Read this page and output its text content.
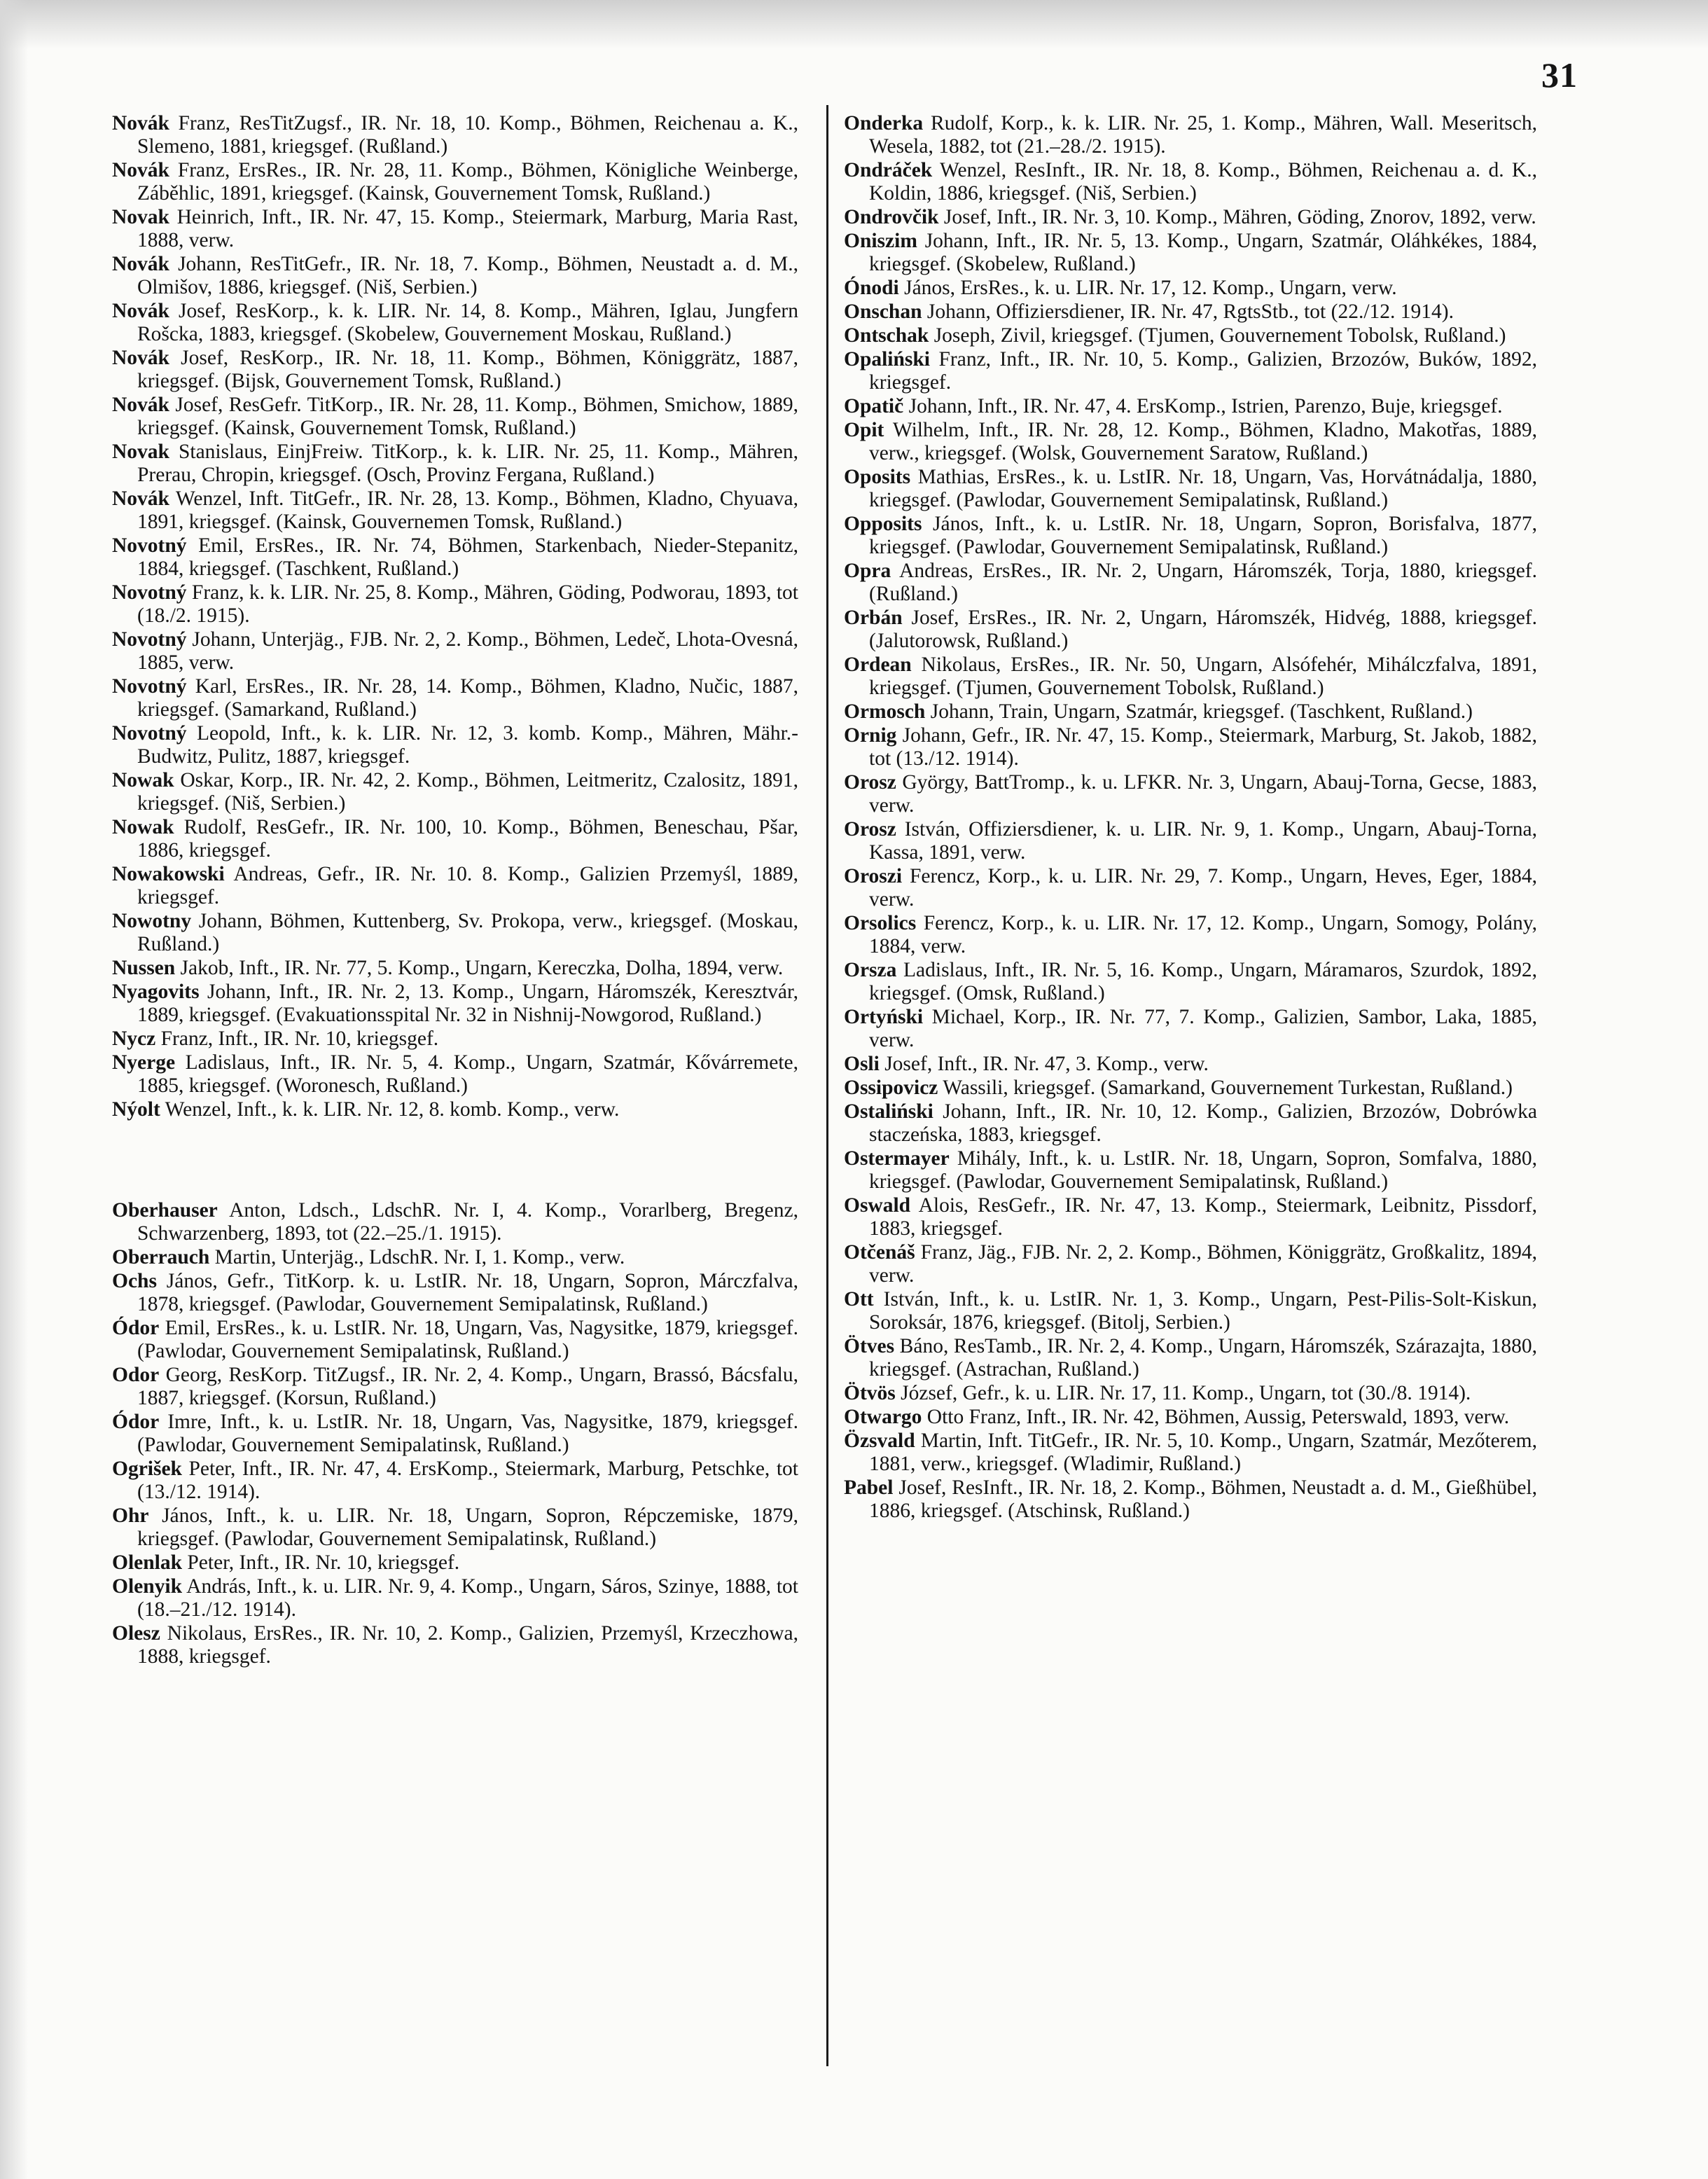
31

Novák Franz, ResTitZugsf., IR. Nr. 18, 10. Komp., Böhmen, Reichenau a. K., Slemeno, 1881, kriegsgef. (Rußland.)

Novák Franz, ErsRes., IR. Nr. 28, 11. Komp., Böhmen, Königliche Weinberge, Záběhlic, 1891, kriegsgef. (Kainsk, Gouvernement Tomsk, Rußland.)

Novak Heinrich, Inft., IR. Nr. 47, 15. Komp., Steiermark, Marburg, Maria Rast, 1888, verw.

Novák Johann, ResTitGefr., IR. Nr. 18, 7. Komp., Böhmen, Neustadt a. d. M., Olmišov, 1886, kriegsgef. (Niš, Serbien.)

Novák Josef, ResKorp., k. k. LIR. Nr. 14, 8. Komp., Mähren, Iglau, Jungfern Rošcka, 1883, kriegsgef. (Skobelew, Gouvernement Moskau, Rußland.)

Novák Josef, ResKorp., IR. Nr. 18, 11. Komp., Böhmen, Königgrätz, 1887, kriegsgef. (Bijsk, Gouvernement Tomsk, Rußland.)

Novák Josef, ResGefr. TitKorp., IR. Nr. 28, 11. Komp., Böhmen, Smichow, 1889, kriegsgef. (Kainsk, Gouvernement Tomsk, Rußland.)

Novak Stanislaus, EinjFreiw. TitKorp., k. k. LIR. Nr. 25, 11. Komp., Mähren, Prerau, Chropin, kriegsgef. (Osch, Provinz Fergana, Rußland.)

Novák Wenzel, Inft. TitGefr., IR. Nr. 28, 13. Komp., Böhmen, Kladno, Chyuava, 1891, kriegsgef. (Kainsk, Gouvernemen Tomsk, Rußland.)

Novotný Emil, ErsRes., IR. Nr. 74, Böhmen, Starkenbach, Nieder-Stepanitz, 1884, kriegsgef. (Taschkent, Rußland.)

Novotný Franz, k. k. LIR. Nr. 25, 8. Komp., Mähren, Göding, Podworau, 1893, tot (18./2. 1915).

Novotný Johann, Unterjäg., FJB. Nr. 2, 2. Komp., Böhmen, Ledeč, Lhota-Ovesná, 1885, verw.

Novotný Karl, ErsRes., IR. Nr. 28, 14. Komp., Böhmen, Kladno, Nučic, 1887, kriegsgef. (Samarkand, Rußland.)

Novotný Leopold, Inft., k. k. LIR. Nr. 12, 3. komb. Komp., Mähren, Mähr.- Budwitz, Pulitz, 1887, kriegsgef.

Nowak Oskar, Korp., IR. Nr. 42, 2. Komp., Böhmen, Leitmeritz, Czalositz, 1891, kriegsgef. (Niš, Serbien.)

Nowak Rudolf, ResGefr., IR. Nr. 100, 10. Komp., Böhmen, Beneschau, Pšar, 1886, kriegsgef.

Nowakowski Andreas, Gefr., IR. Nr. 10. 8. Komp., Galizien Przemyśl, 1889, kriegsgef.

Nowotny Johann, Böhmen, Kuttenberg, Sv. Prokopa, verw., kriegsgef. (Moskau, Rußland.)

Nussen Jakob, Inft., IR. Nr. 77, 5. Komp., Ungarn, Kereczka, Dolha, 1894, verw.

Nyagovits Johann, Inft., IR. Nr. 2, 13. Komp., Ungarn, Háromszék, Keresztvár, 1889, kriegsgef. (Evakuationsspital Nr. 32 in Nishnij-Nowgorod, Rußland.)

Nycz Franz, Inft., IR. Nr. 10, kriegsgef.

Nyerge Ladislaus, Inft., IR. Nr. 5, 4. Komp., Ungarn, Szatmár, Kővárremete, 1885, kriegsgef. (Woronesch, Rußland.)

Nýolt Wenzel, Inft., k. k. LIR. Nr. 12, 8. komb. Komp., verw.

Oberhauser Anton, Ldsch., LdschR. Nr. I, 4. Komp., Vorarlberg, Bregenz, Schwarzenberg, 1893, tot (22.–25./1. 1915).

Oberrauch Martin, Unterjäg., LdschR. Nr. I, 1. Komp., verw.

Ochs János, Gefr., TitKorp. k. u. LstIR. Nr. 18, Ungarn, Sopron, Márczfalva, 1878, kriegsgef. (Pawlodar, Gouvernement Semipalatinsk, Rußland.)

Ódor Emil, ErsRes., k. u. LstIR. Nr. 18, Ungarn, Vas, Nagysitke, 1879, kriegsgef. (Pawlodar, Gouvernement Semipalatinsk, Rußland.)

Odor Georg, ResKorp. TitZugsf., IR. Nr. 2, 4. Komp., Ungarn, Brassó, Bácsfalu, 1887, kriegsgef. (Korsun, Rußland.)

Ódor Imre, Inft., k. u. LstIR. Nr. 18, Ungarn, Vas, Nagysitke, 1879, kriegsgef. (Pawlodar, Gouvernement Semipalatinsk, Rußland.)

Ogrišek Peter, Inft., IR. Nr. 47, 4. ErsKomp., Steiermark, Marburg, Petschke, tot (13./12. 1914).

Ohr János, Inft., k. u. LIR. Nr. 18, Ungarn, Sopron, Répczemiske, 1879, kriegsgef. (Pawlodar, Gouvernement Semipalatinsk, Rußland.)

Olenlak Peter, Inft., IR. Nr. 10, kriegsgef.

Olenyik András, Inft., k. u. LIR. Nr. 9, 4. Komp., Ungarn, Sáros, Szinye, 1888, tot (18.–21./12. 1914).

Olesz Nikolaus, ErsRes., IR. Nr. 10, 2. Komp., Galizien, Przemyśl, Krzeczhowa, 1888, kriegsgef.

Onderka Rudolf, Korp., k. k. LIR. Nr. 25, 1. Komp., Mähren, Wall. Meseritsch, Wesela, 1882, tot (21.–28./2. 1915).

Ondráček Wenzel, ResInft., IR. Nr. 18, 8. Komp., Böhmen, Reichenau a. d. K., Koldin, 1886, kriegsgef. (Niš, Serbien.)

Ondrovčik Josef, Inft., IR. Nr. 3, 10. Komp., Mähren, Göding, Znorov, 1892, verw.

Oniszim Johann, Inft., IR. Nr. 5, 13. Komp., Ungarn, Szatmár, Oláhkékes, 1884, kriegsgef. (Skobelew, Rußland.)

Ónodi János, ErsRes., k. u. LIR. Nr. 17, 12. Komp., Ungarn, verw.

Onschan Johann, Offiziersdiener, IR. Nr. 47, RgtsStb., tot (22./12. 1914).

Ontschak Joseph, Zivil, kriegsgef. (Tjumen, Gouvernement Tobolsk, Rußland.)

Opaliński Franz, Inft., IR. Nr. 10, 5. Komp., Galizien, Brzozów, Buków, 1892, kriegsgef.

Opatič Johann, Inft., IR. Nr. 47, 4. ErsKomp., Istrien, Parenzo, Buje, kriegsgef.

Opit Wilhelm, Inft., IR. Nr. 28, 12. Komp., Böhmen, Kladno, Makotřas, 1889, verw., kriegsgef. (Wolsk, Gouvernement Saratow, Rußland.)

Oposits Mathias, ErsRes., k. u. LstIR. Nr. 18, Ungarn, Vas, Horvátnádalja, 1880, kriegsgef. (Pawlodar, Gouvernement Semipalatinsk, Rußland.)

Opposits János, Inft., k. u. LstIR. Nr. 18, Ungarn, Sopron, Borisfalva, 1877, kriegsgef. (Pawlodar, Gouvernement Semipalatinsk, Rußland.)

Opra Andreas, ErsRes., IR. Nr. 2, Ungarn, Háromszék, Torja, 1880, kriegsgef. (Rußland.)

Orbán Josef, ErsRes., IR. Nr. 2, Ungarn, Háromszék, Hidvég, 1888, kriegsgef. (Jalutorowsk, Rußland.)

Ordean Nikolaus, ErsRes., IR. Nr. 50, Ungarn, Alsófehér, Mihálczfalva, 1891, kriegsgef. (Tjumen, Gouvernement Tobolsk, Rußland.)

Ormosch Johann, Train, Ungarn, Szatmár, kriegsgef. (Taschkent, Rußland.)

Ornig Johann, Gefr., IR. Nr. 47, 15. Komp., Steiermark, Marburg, St. Jakob, 1882, tot (13./12. 1914).

Orosz György, BattTromp., k. u. LFKR. Nr. 3, Ungarn, Abauj-Torna, Gecse, 1883, verw.

Orosz István, Offiziersdiener, k. u. LIR. Nr. 9, 1. Komp., Ungarn, Abauj-Torna, Kassa, 1891, verw.

Oroszi Ferencz, Korp., k. u. LIR. Nr. 29, 7. Komp., Ungarn, Heves, Eger, 1884, verw.

Orsolics Ferencz, Korp., k. u. LIR. Nr. 17, 12. Komp., Ungarn, Somogy, Polány, 1884, verw.

Orsza Ladislaus, Inft., IR. Nr. 5, 16. Komp., Ungarn, Máramaros, Szurdok, 1892, kriegsgef. (Omsk, Rußland.)

Ortyński Michael, Korp., IR. Nr. 77, 7. Komp., Galizien, Sambor, Laka, 1885, verw.

Osli Josef, Inft., IR. Nr. 47, 3. Komp., verw.

Ossipovicz Wassili, kriegsgef. (Samarkand, Gouvernement Turkestan, Rußland.)

Ostaliński Johann, Inft., IR. Nr. 10, 12. Komp., Galizien, Brzozów, Dobrówka staczeńska, 1883, kriegsgef.

Ostermayer Mihály, Inft., k. u. LstIR. Nr. 18, Ungarn, Sopron, Somfalva, 1880, kriegsgef. (Pawlodar, Gouvernement Semipalatinsk, Rußland.)

Oswald Alois, ResGefr., IR. Nr. 47, 13. Komp., Steiermark, Leibnitz, Pissdorf, 1883, kriegsgef.

Otčenáš Franz, Jäg., FJB. Nr. 2, 2. Komp., Böhmen, Königgrätz, Großkalitz, 1894, verw.

Ott István, Inft., k. u. LstIR. Nr. 1, 3. Komp., Ungarn, Pest-Pilis-Solt-Kiskun, Soroksár, 1876, kriegsgef. (Bitolj, Serbien.)

Ötves Báno, ResTamb., IR. Nr. 2, 4. Komp., Ungarn, Háromszék, Szárazajta, 1880, kriegsgef. (Astrachan, Rußland.)

Ötvös József, Gefr., k. u. LIR. Nr. 17, 11. Komp., Ungarn, tot (30./8. 1914).

Otwargo Otto Franz, Inft., IR. Nr. 42, Böhmen, Aussig, Peterswald, 1893, verw.

Özsvald Martin, Inft. TitGefr., IR. Nr. 5, 10. Komp., Ungarn, Szatmár, Mezőterem, 1881, verw., kriegsgef. (Wladimir, Rußland.)

Pabel Josef, ResInft., IR. Nr. 18, 2. Komp., Böhmen, Neustadt a. d. M., Gießhübel, 1886, kriegsgef. (Atschinsk, Rußland.)
